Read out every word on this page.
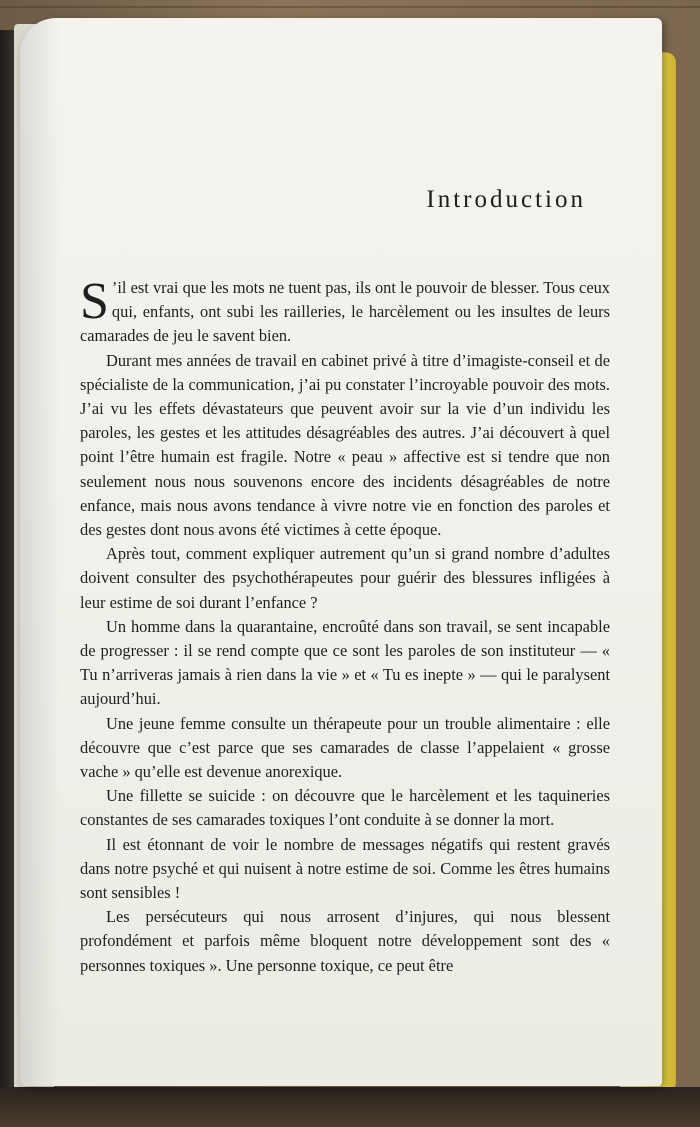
Introduction

S ’il est vrai que les mots ne tuent pas, ils ont le pouvoir de blesser. Tous ceux qui, enfants, ont subi les railleries, le harcèlement ou les insultes de leurs camarades de jeu le savent bien.

Durant mes années de travail en cabinet privé à titre d’imagiste-conseil et de spécialiste de la communication, j’ai pu constater l’incroyable pouvoir des mots. J’ai vu les effets dévastateurs que peuvent avoir sur la vie d’un individu les paroles, les gestes et les attitudes désagréables des autres. J’ai découvert à quel point l’être humain est fragile. Notre « peau » affective est si tendre que non seulement nous nous souvenons encore des incidents désagréables de notre enfance, mais nous avons tendance à vivre notre vie en fonction des paroles et des gestes dont nous avons été victimes à cette époque.

Après tout, comment expliquer autrement qu’un si grand nombre d’adultes doivent consulter des psychothérapeutes pour guérir des blessures infligées à leur estime de soi durant l’enfance ?

Un homme dans la quarantaine, encroûté dans son travail, se sent incapable de progresser : il se rend compte que ce sont les paroles de son instituteur — « Tu n’arriveras jamais à rien dans la vie » et « Tu es inepte » — qui le paralysent aujourd’hui.

Une jeune femme consulte un thérapeute pour un trouble alimentaire : elle découvre que c’est parce que ses camarades de classe l’appelaient « grosse vache » qu’elle est devenue anorexique.

Une fillette se suicide : on découvre que le harcèlement et les taquineries constantes de ses camarades toxiques l’ont conduite à se donner la mort.

Il est étonnant de voir le nombre de messages négatifs qui restent gravés dans notre psyché et qui nuisent à notre estime de soi. Comme les êtres humains sont sensibles !

Les persécuteurs qui nous arrosent d’injures, qui nous blessent profondément et parfois même bloquent notre développement sont des « personnes toxiques ». Une personne toxique, ce peut être
